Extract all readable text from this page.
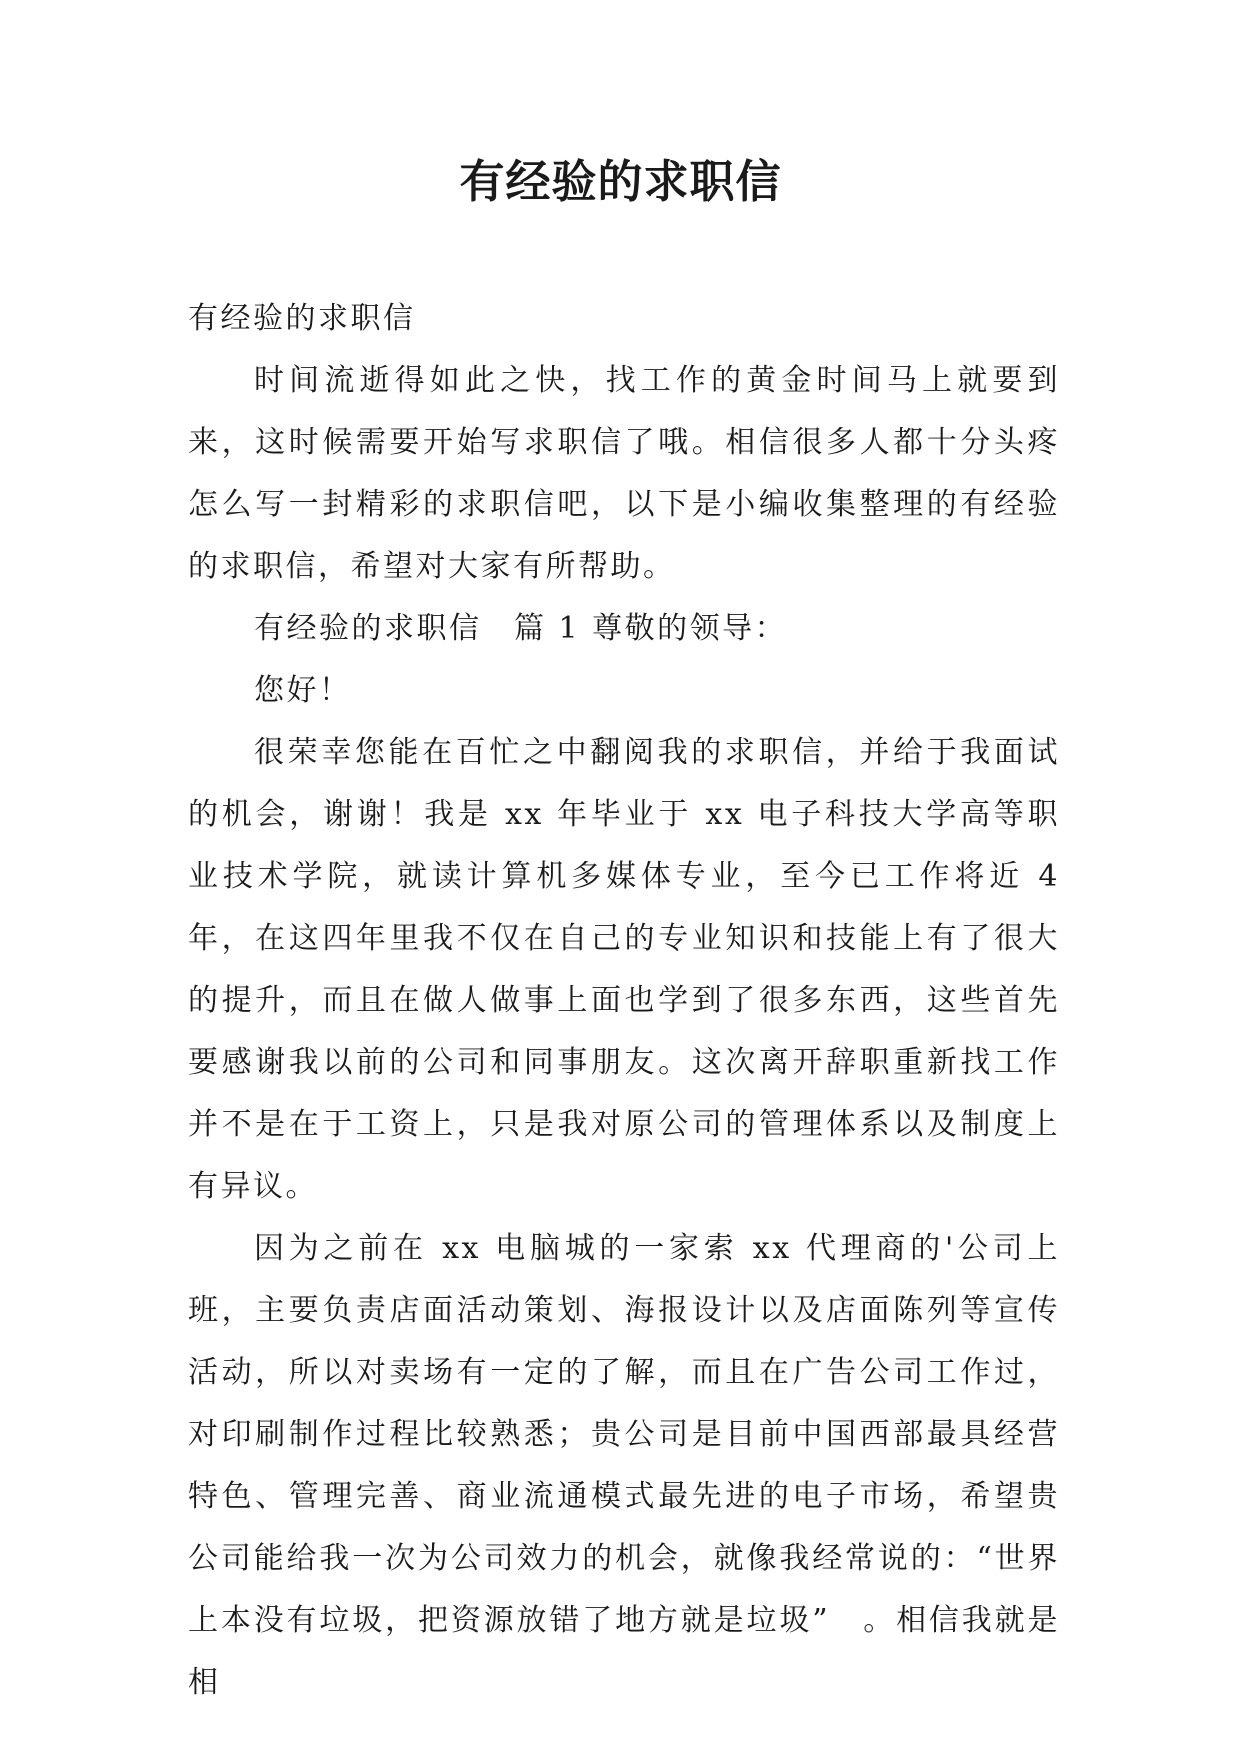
有经验的求职信

有经验的求职信

时间流逝得如此之快，找工作的黄金时间马上就要到来，这时候需要开始写求职信了哦。相信很多人都十分头疼怎么写一封精彩的求职信吧，以下是小编收集整理的有经验的求职信，希望对大家有所帮助。

有经验的求职信　篇 1 尊敬的领导：

您好！

很荣幸您能在百忙之中翻阅我的求职信，并给于我面试的机会，谢谢！我是 xx 年毕业于 xx 电子科技大学高等职业技术学院，就读计算机多媒体专业，至今已工作将近 4 年，在这四年里我不仅在自己的专业知识和技能上有了很大的提升，而且在做人做事上面也学到了很多东西，这些首先要感谢我以前的公司和同事朋友。这次离开辞职重新找工作并不是在于工资上，只是我对原公司的管理体系以及制度上有异议。

因为之前在 xx 电脑城的一家索 xx 代理商的'公司上班，主要负责店面活动策划、海报设计以及店面陈列等宣传活动，所以对卖场有一定的了解，而且在广告公司工作过，对印刷制作过程比较熟悉；贵公司是目前中国西部最具经营特色、管理完善、商业流通模式最先进的电子市场，希望贵公司能给我一次为公司效力的机会，就像我经常说的：“世界上本没有垃圾，把资源放错了地方就是垃圾”　。相信我就是相
